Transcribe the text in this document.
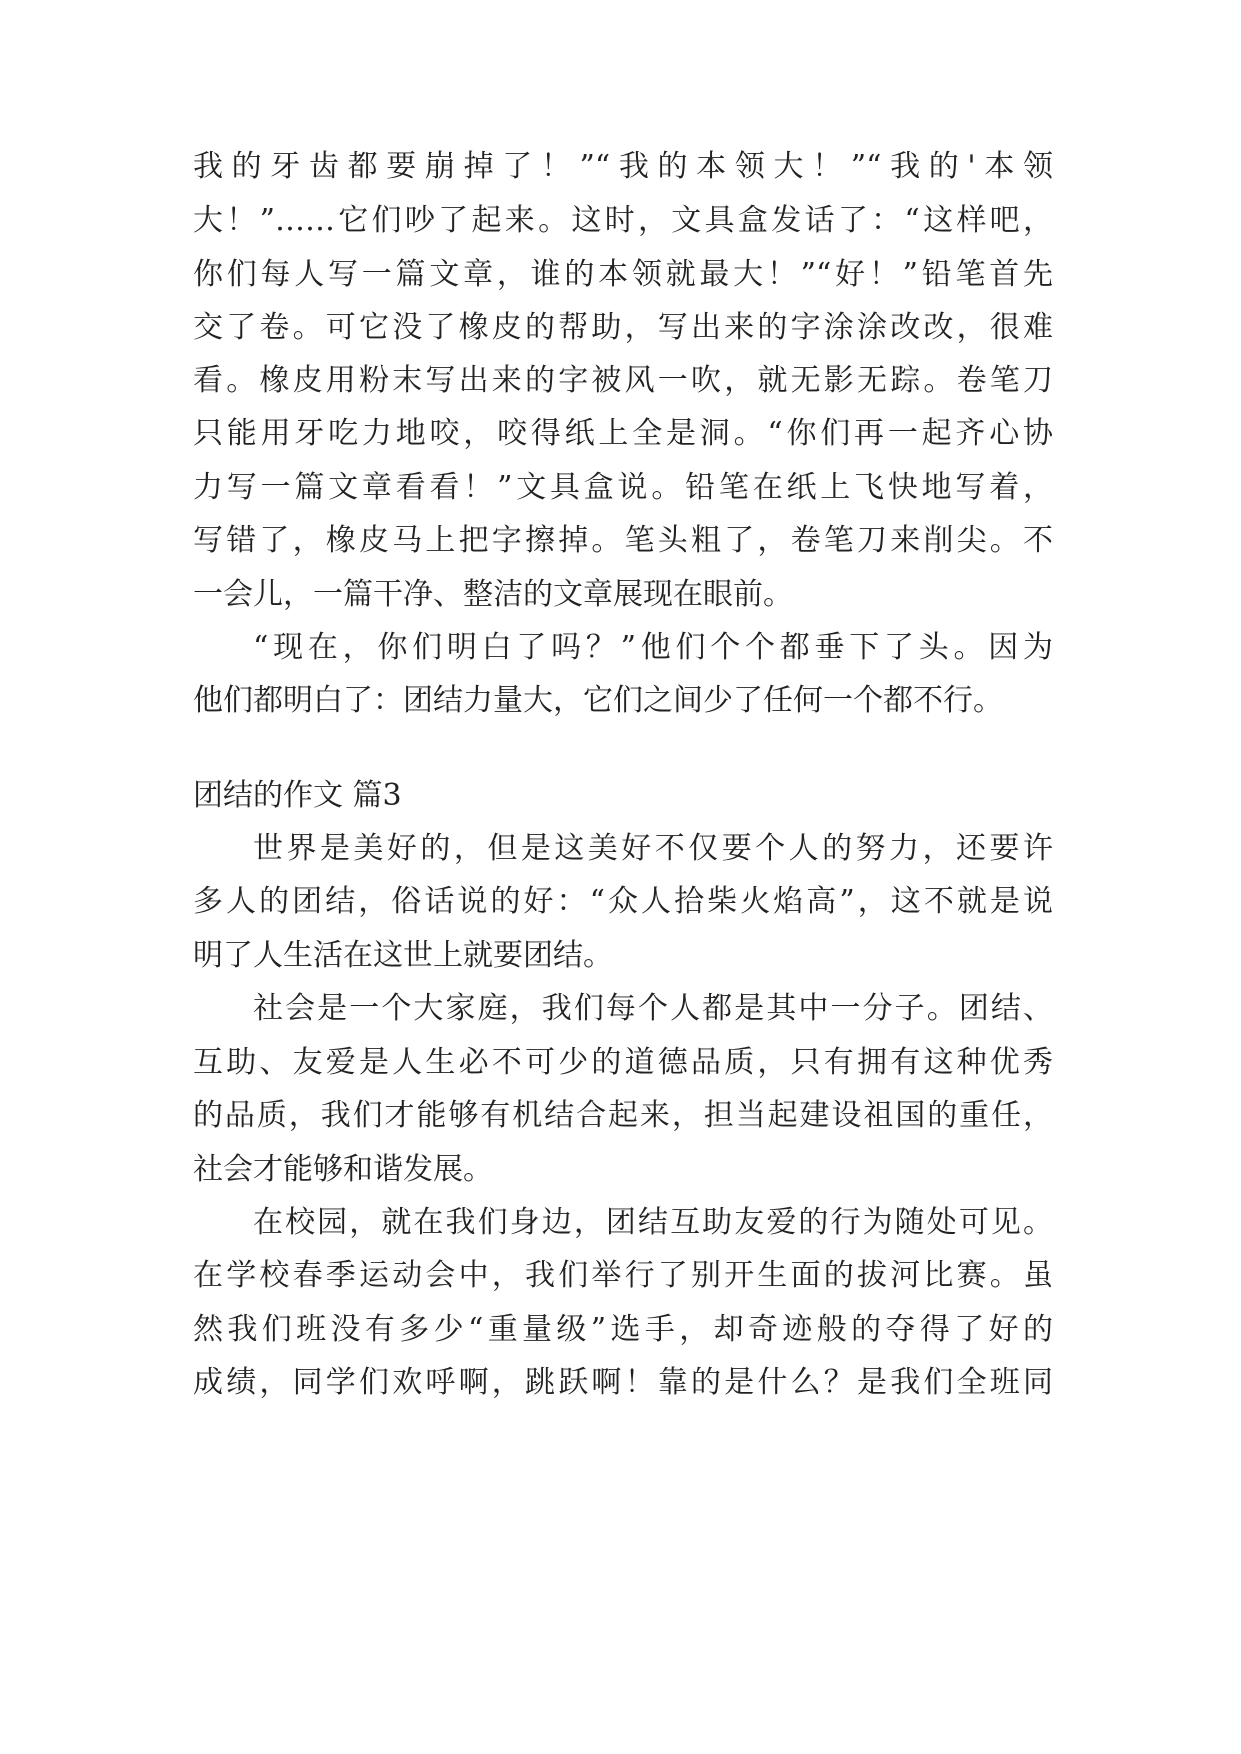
我的牙齿都要崩掉了！”“我的本领大！”“我的'本领
大！”……它们吵了起来。这时，文具盒发话了：“这样吧，
你们每人写一篇文章，谁的本领就最大！”“好！”铅笔首先
交了卷。可它没了橡皮的帮助，写出来的字涂涂改改，很难
看。橡皮用粉末写出来的字被风一吹，就无影无踪。卷笔刀
只能用牙吃力地咬，咬得纸上全是洞。“你们再一起齐心协
力写一篇文章看看！”文具盒说。铅笔在纸上飞快地写着，
写错了，橡皮马上把字擦掉。笔头粗了，卷笔刀来削尖。不
一会儿，一篇干净、整洁的文章展现在眼前。
“现在，你们明白了吗？”他们个个都垂下了头。因为
他们都明白了：团结力量大，它们之间少了任何一个都不行。
团结的作文 篇3
世界是美好的，但是这美好不仅要个人的努力，还要许
多人的团结，俗话说的好：“众人拾柴火焰高”，这不就是说
明了人生活在这世上就要团结。
社会是一个大家庭，我们每个人都是其中一分子。团结、
互助、友爱是人生必不可少的道德品质，只有拥有这种优秀
的品质，我们才能够有机结合起来，担当起建设祖国的重任，
社会才能够和谐发展。
在校园，就在我们身边，团结互助友爱的行为随处可见。
在学校春季运动会中，我们举行了别开生面的拔河比赛。虽
然我们班没有多少“重量级”选手，却奇迹般的夺得了好的
成绩，同学们欢呼啊，跳跃啊！靠的是什么？是我们全班同
